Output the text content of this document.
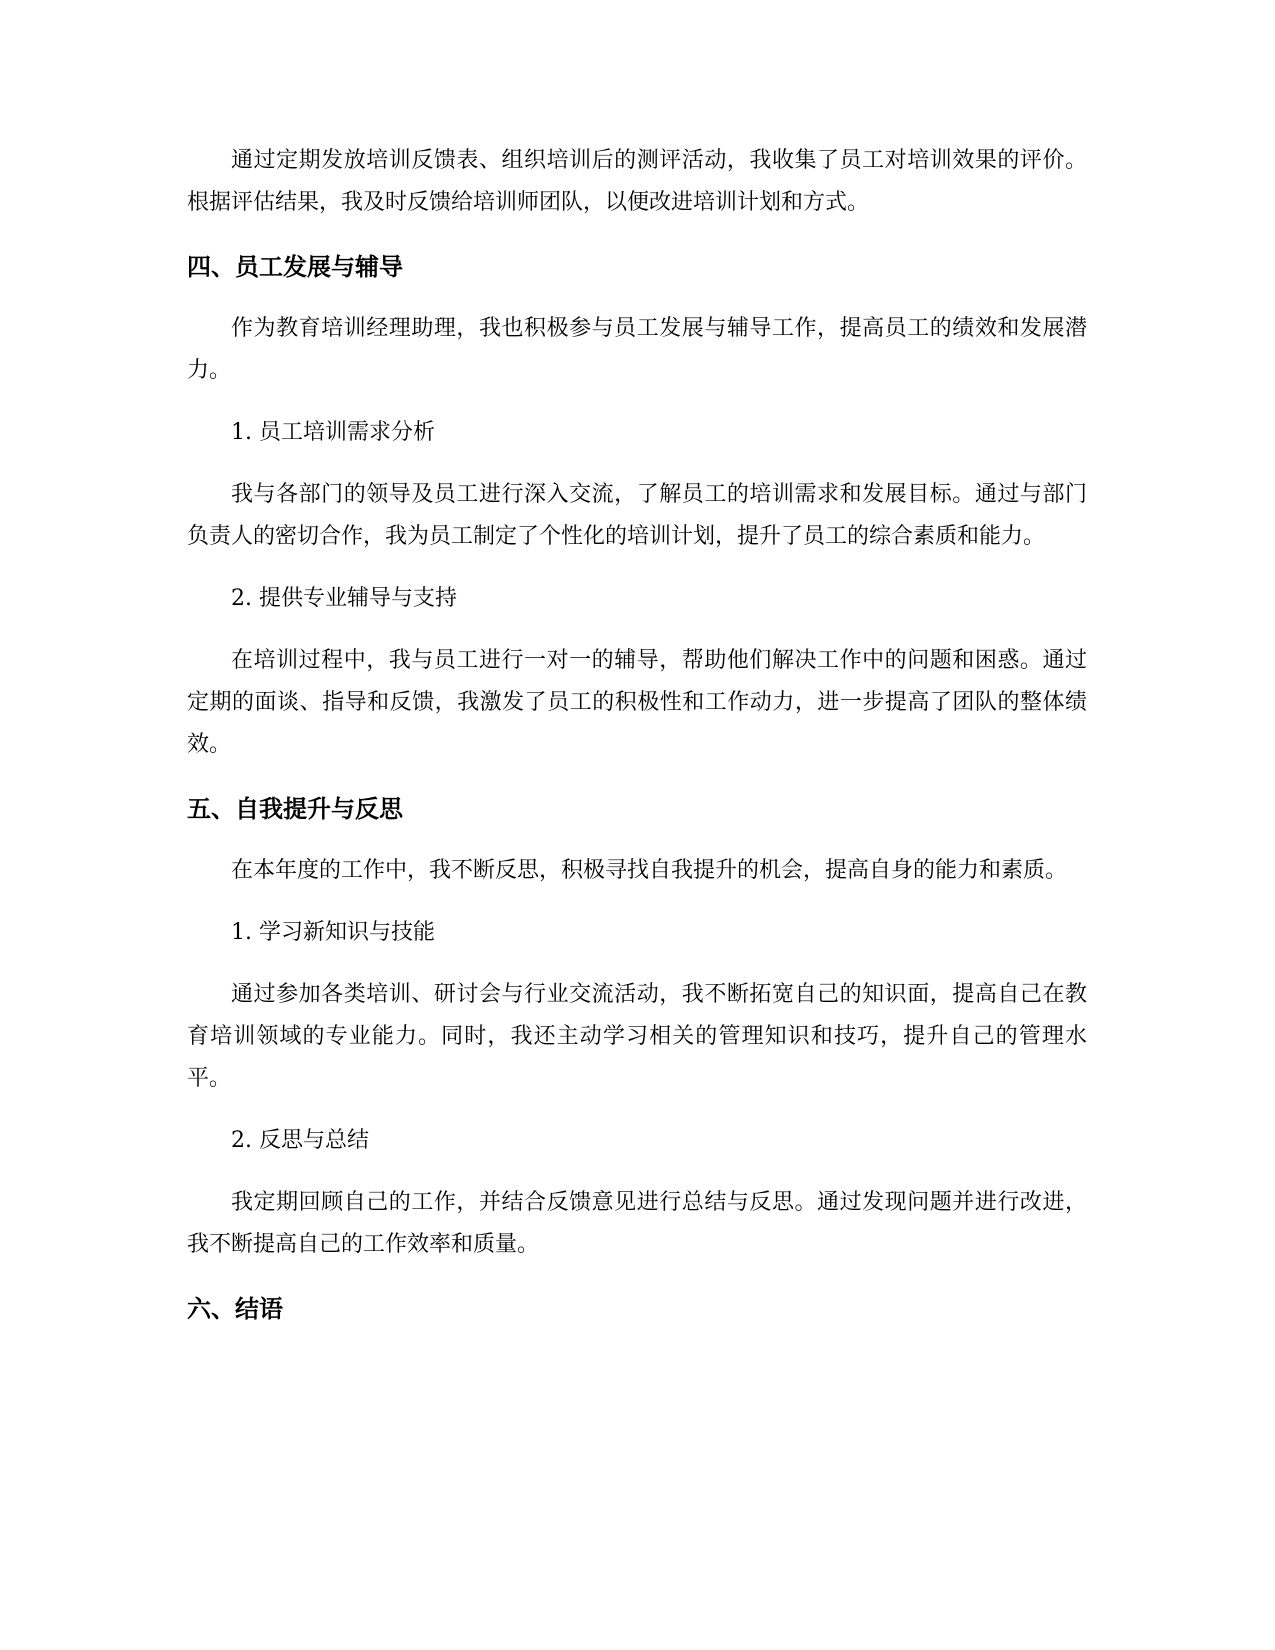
通过定期发放培训反馈表、组织培训后的测评活动，我收集了员工对培训效果的评价。根据评估结果，我及时反馈给培训师团队，以便改进培训计划和方式。

四、员工发展与辅导

作为教育培训经理助理，我也积极参与员工发展与辅导工作，提高员工的绩效和发展潜力。

1. 员工培训需求分析

我与各部门的领导及员工进行深入交流，了解员工的培训需求和发展目标。通过与部门负责人的密切合作，我为员工制定了个性化的培训计划，提升了员工的综合素质和能力。

2. 提供专业辅导与支持

在培训过程中，我与员工进行一对一的辅导，帮助他们解决工作中的问题和困惑。通过定期的面谈、指导和反馈，我激发了员工的积极性和工作动力，进一步提高了团队的整体绩效。

五、自我提升与反思

在本年度的工作中，我不断反思，积极寻找自我提升的机会，提高自身的能力和素质。

1. 学习新知识与技能

通过参加各类培训、研讨会与行业交流活动，我不断拓宽自己的知识面，提高自己在教育培训领域的专业能力。同时，我还主动学习相关的管理知识和技巧，提升自己的管理水平。

2. 反思与总结

我定期回顾自己的工作，并结合反馈意见进行总结与反思。通过发现问题并进行改进，我不断提高自己的工作效率和质量。

六、结语
